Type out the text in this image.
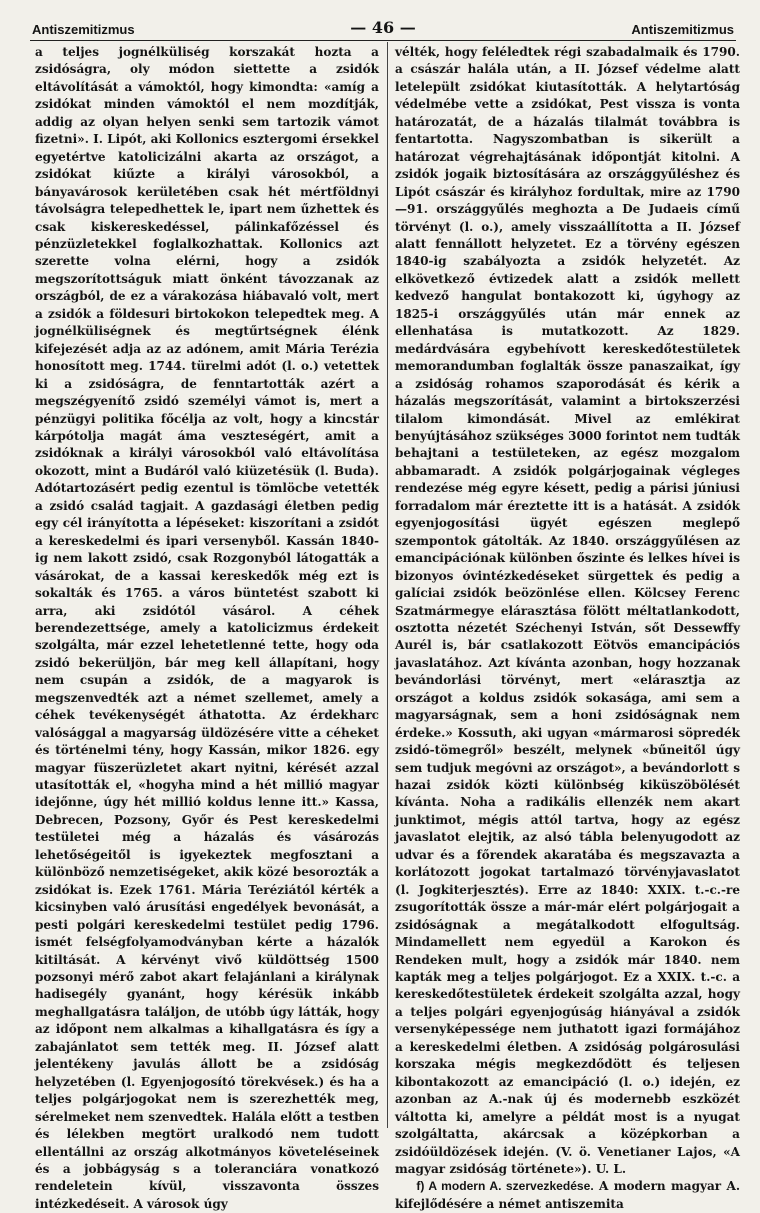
Antiszemitizmus	— 46 —	Antiszemitizmus

a teljes jognélküliség korszakát hozta a zsidóságra, oly módon siettette a zsidók eltávolítását a vámoktól, hogy kimondta: «amíg a zsidókat minden vámoktól el nem mozdítják, addig az olyan helyen senki sem tartozik vámot fizetni». I. Lipót, aki Kollonics esztergomi érsekkel egyetértve katolicizálni akarta az országot, a zsidókat kiűzte a királyi városokból, a bányavárosok kerületében csak hét mértföldnyi távolságra telepedhettek le, ipart nem űzhettek és csak kiskereskedéssel, pálinkafőzéssel és pénzüzletekkel foglalkozhattak. Kollonics azt szerette volna elérni, hogy a zsidók megszorítottságuk miatt önként távozzanak az országból, de ez a várakozása hiábavaló volt, mert a zsidók a földesuri birtokokon telepedtek meg. A jognélküliségnek és megtűrtségnek élénk kifejezését adja az az adónem, amit Mária Terézia honosított meg. 1744. türelmi adót (l. o.) vetettek ki a zsidóságra, de fenntartották azért a megszégyenítő zsidó személyi vámot is, mert a pénzügyi politika főcélja az volt, hogy a kincstár kárpótolja magát áma veszteségért, amit a zsidóknak a királyi városokból való eltávolítása okozott, mint a Budáról való kiüzetésük (l. Buda). Adótartozásért pedig ezentul is tömlöcbe vetették a zsidó család tagjait. A gazdasági életben pedig egy cél irányította a lépéseket: kiszorítani a zsidót a kereskedelmi és ipari versenyből. Kassán 1840-ig nem lakott zsidó, csak Rozgonyból látogatták a vásárokat, de a kassai kereskedők még ezt is sokalták és 1765. a város büntetést szabott ki arra, aki zsidótól vásárol. A céhek berendezettsége, amely a katolicizmus érdekeit szolgálta, már ezzel lehetetlenné tette, hogy oda zsidó bekerüljön, bár meg kell állapítani, hogy nem csupán a zsidók, de a magyarok is megszenvedték azt a német szellemet, amely a céhek tevékenységét áthatotta. Az érdekharc valósággal a magyarság üldözésére vitte a céheket és történelmi tény, hogy Kassán, mikor 1826. egy magyar füszerüzletet akart nyitni, kérését azzal utasították el, «hogyha mind a hét millió magyar idejőnne, úgy hét millió koldus lenne itt.» Kassa, Debrecen, Pozsony, Győr és Pest kereskedelmi testületei még a házalás és vásározás lehetőségeitől is igyekeztek megfosztani a különböző nemzetiségeket, akik közé besorozták a zsidókat is. Ezek 1761. Mária Teréziától kérték a kicsinyben való árusítási engedélyek bevonását, a pesti polgári kereskedelmi testület pedig 1796. ismét felségfolyamodványban kérte a házalók kitiltását. A kérvényt vivő küldöttség 1500 pozsonyi mérő zabot akart felajánlani a királynak hadisegély gyanánt, hogy kérésük inkább meghallgatásra találjon, de utóbb úgy látták, hogy az időpont nem alkalmas a kihallgatásra és így a zabajánlatot sem tették meg. II. József alatt jelentékeny javulás állott be a zsidóság helyzetében (l. Egyenjogosító törekvések.) és ha a teljes polgárjogokat nem is szerezhették meg, sérelmeket nem szenvedtek. Halála előtt a testben és lélekben megtört uralkodó nem tudott ellentállni az ország alkotmányos követeléseinek és a jobbágyság s a toleranciára vonatkozó rendeletein kívül, visszavonta összes intézkedéseit. A városok úgy

vélték, hogy feléledtek régi szabadalmaik és 1790. a császár halála után, a II. József védelme alatt letelepült zsidókat kiutasították. A helytartóság védelmébe vette a zsidókat, Pest vissza is vonta határozatát, de a házalás tilalmát továbbra is fentartotta. Nagyszombatban is sikerült a határozat végrehajtásának időpontját kitolni. A zsidók jogaik biztosítására az országgyűléshez és Lipót császár és királyhoz fordultak, mire az 1790—91. országgyűlés meghozta a De Judaeis című törvényt (l. o.), amely visszaállította a II. József alatt fennállott helyzetet. Ez a törvény egészen 1840-ig szabályozta a zsidók helyzetét. Az elkövetkező évtizedek alatt a zsidók mellett kedvező hangulat bontakozott ki, úgyhogy az 1825-i országgyűlés után már ennek az ellenhatása is mutatkozott. Az 1829. medárdvására egybehívott kereskedőtestületek memorandumban foglalták össze panaszaikat, így a zsidóság rohamos szaporodását és kérik a házalás megszorítását, valamint a birtokszerzési tilalom kimondását. Mivel az emlékirat benyújtásához szükséges 3000 forintot nem tudták behajtani a testületeken, az egész mozgalom abbamaradt. A zsidók polgárjogainak végleges rendezése még egyre késett, pedig a párisi júniusi forradalom már éreztette itt is a hatását. A zsidók egyenjogosítási ügyét egészen meglepő szempontok gátolták. Az 1840. országgyűlésen az emancipációnak különben őszinte és lelkes hívei is bizonyos óvintézkedéseket sürgettek és pedig a galíciai zsidók beözönlése ellen. Kölcsey Ferenc Szatmármegye elárasztása fölött méltatlankodott, osztotta nézetét Széchenyi István, sőt Dessewffy Aurél is, bár csatlakozott Eötvös emancipációs javaslatához. Azt kívánta azonban, hogy hozzanak bevándorlási törvényt, mert «elárasztja az országot a koldus zsidók sokasága, ami sem a magyarságnak, sem a honi zsidóságnak nem érdeke.» Kossuth, aki ugyan «mármarosi söpredék zsidó-tömegről» beszélt, melynek «bűneitől úgy sem tudjuk megóvni az országot», a bevándorlott s hazai zsidók közti különbség kiküszöbölését kívánta. Noha a radikális ellenzék nem akart junktimot, mégis attól tartva, hogy az egész javaslatot elejtik, az alsó tábla belenyugodott az udvar és a főrendek akaratába és megszavazta a korlátozott jogokat tartalmazó törvényjavaslatot (l. Jogkiterjesztés). Erre az 1840: XXIX. t.-c.-re zsugorították össze a már-már elért polgárjogait a zsidóságnak a megátalkodott elfogultság. Mindamellett nem egyedül a Karokon és Rendeken mult, hogy a zsidók már 1840. nem kapták meg a teljes polgárjogot. Ez a XXIX. t.-c. a kereskedőtestületek érdekeit szolgálta azzal, hogy a teljes polgári egyenjogúság hiányával a zsidók versenyképessége nem juthatott igazi formájához a kereskedelmi életben. A zsidóság polgárosulási korszaka mégis megkezdődött és teljesen kibontakozott az emancipáció (l. o.) idején, ez azonban az A.-nak új és modernebb eszközét váltotta ki, amelyre a példát most is a nyugat szolgáltatta, akárcsak a középkorban a zsidóüldözések idején. (V. ö. Venetianer Lajos, «A magyar zsidóság története»). U. L.

f) A modern A. szervezkedése. A modern magyar A. kifejlődésére a német antiszemita
